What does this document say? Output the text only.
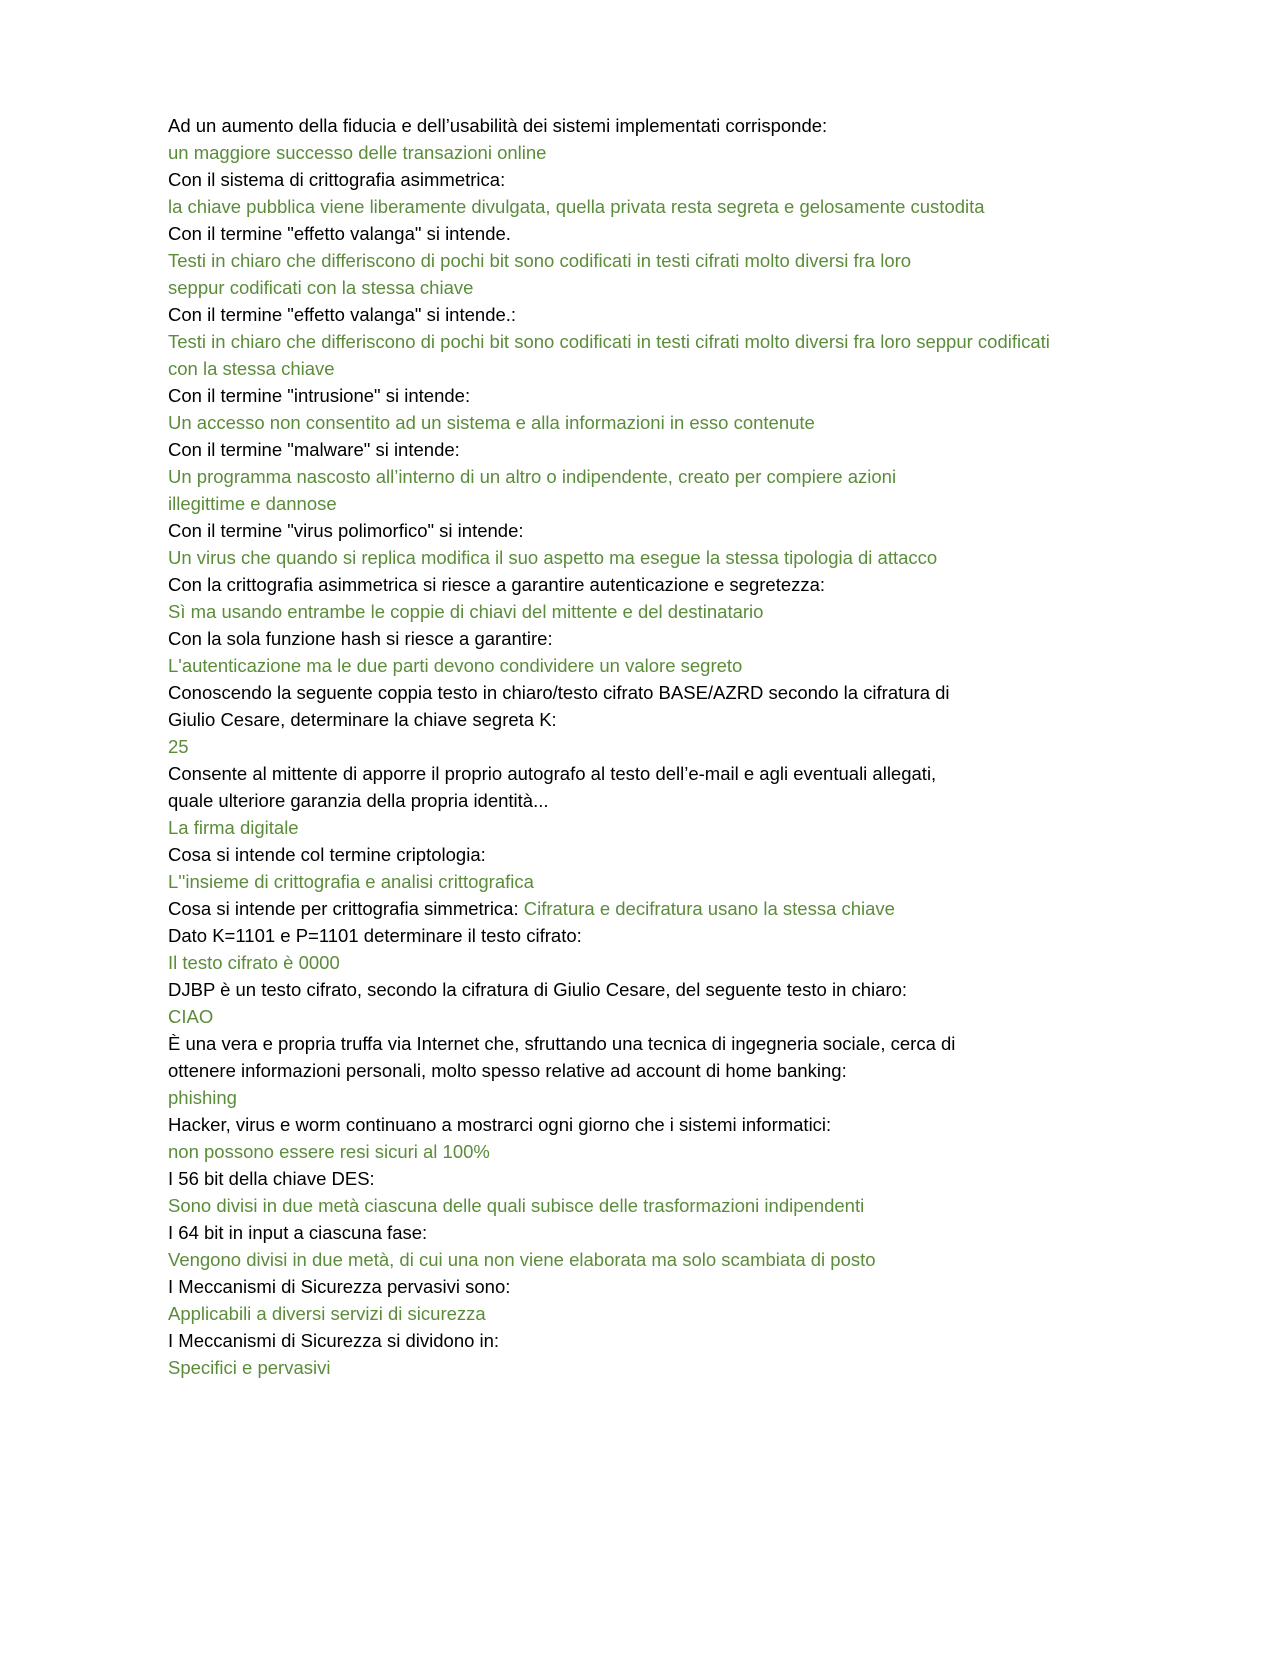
Ad un aumento della fiducia e dell’usabilità dei sistemi implementati corrisponde:
un maggiore successo delle transazioni online
Con il sistema di crittografia asimmetrica:
la chiave pubblica viene liberamente divulgata, quella privata resta segreta e gelosamente custodita
Con il termine "effetto valanga" si intende.
Testi in chiaro che differiscono di pochi bit sono codificati in testi cifrati molto diversi fra loro
seppur codificati con la stessa chiave
Con il termine "effetto valanga" si intende.:
Testi in chiaro che differiscono di pochi bit sono codificati in testi cifrati molto diversi fra loro seppur codificati
con la stessa chiave
Con il termine "intrusione" si intende:
Un accesso non consentito ad un sistema e alla informazioni in esso contenute
Con il termine "malware" si intende:
Un programma nascosto all’interno di un altro o indipendente, creato per compiere azioni
illegittime e dannose
Con il termine "virus polimorfico" si intende:
Un virus che quando si replica modifica il suo aspetto ma esegue la stessa tipologia di attacco
Con la crittografia asimmetrica si riesce a garantire autenticazione e segretezza:
Sì ma usando entrambe le coppie di chiavi del mittente e del destinatario
Con la sola funzione hash si riesce a garantire:
L'autenticazione ma le due parti devono condividere un valore segreto
Conoscendo la seguente coppia testo in chiaro/testo cifrato BASE/AZRD secondo la cifratura di
Giulio Cesare, determinare la chiave segreta K:
25
Consente al mittente di apporre il proprio autografo al testo dell’e-mail e agli eventuali allegati,
quale ulteriore garanzia della propria identità...
La firma digitale
Cosa si intende col termine criptologia:
L''insieme di crittografia e analisi crittografica
Cosa si intende per crittografia simmetrica: Cifratura e decifratura usano la stessa chiave
Dato K=1101 e P=1101 determinare il testo cifrato:
Il testo cifrato è 0000
DJBP è un testo cifrato, secondo la cifratura di Giulio Cesare, del seguente testo in chiaro:
CIAO
È una vera e propria truffa via Internet che, sfruttando una tecnica di ingegneria sociale, cerca di
ottenere informazioni personali, molto spesso relative ad account di home banking:
phishing
Hacker, virus e worm continuano a mostrarci ogni giorno che i sistemi informatici:
non possono essere resi sicuri al 100%
I 56 bit della chiave DES:
Sono divisi in due metà ciascuna delle quali subisce delle trasformazioni indipendenti
I 64 bit in input a ciascuna fase:
Vengono divisi in due metà, di cui una non viene elaborata ma solo scambiata di posto
I Meccanismi di Sicurezza pervasivi sono:
Applicabili a diversi servizi di sicurezza
I Meccanismi di Sicurezza si dividono in:
Specifici e pervasivi
